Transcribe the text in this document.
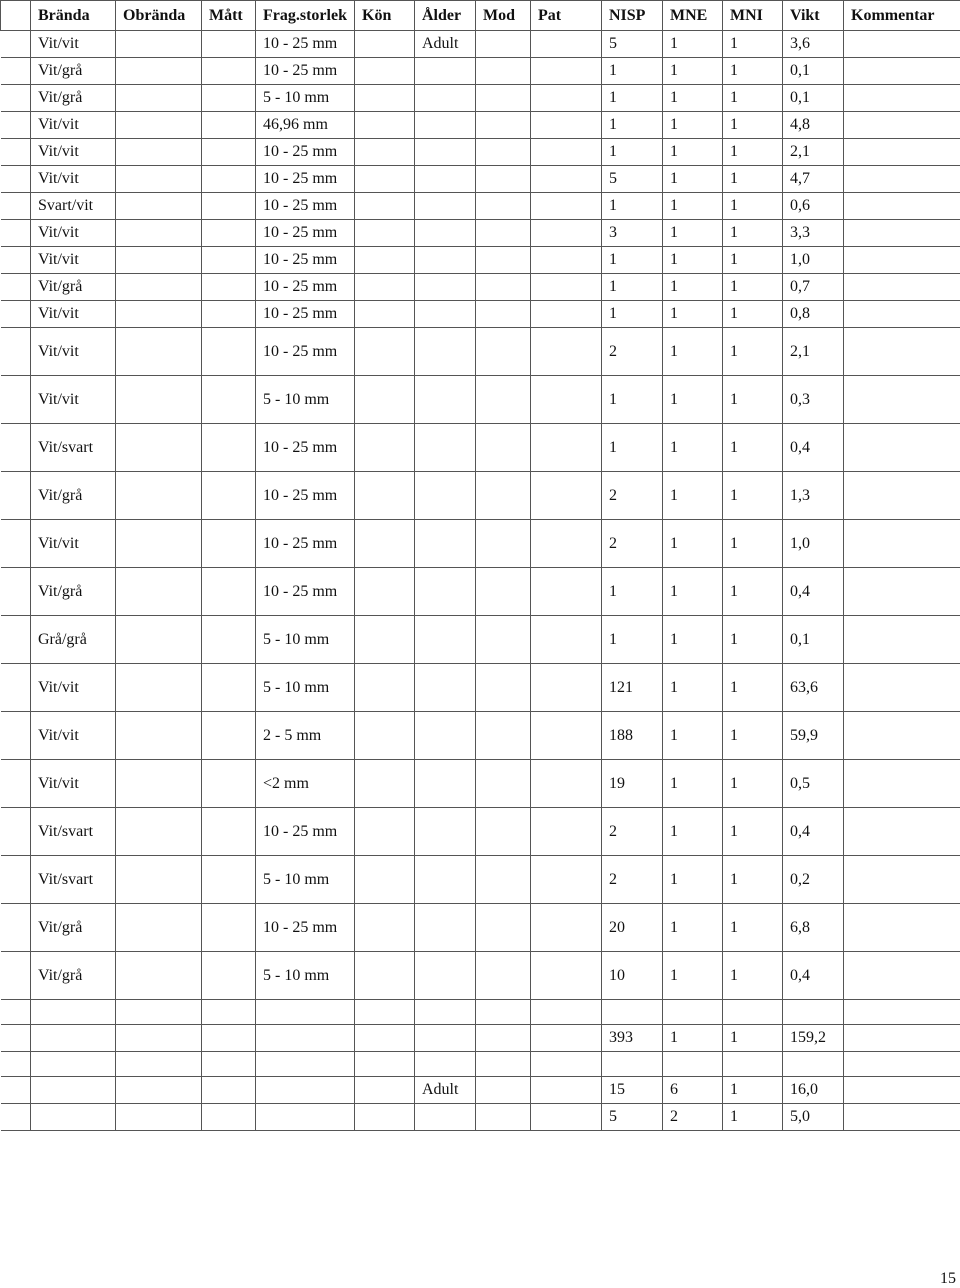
	Brända	Obrända	Mått	Frag.storlek	Kön	Ålder	Mod	Pat	NISP	MNE	MNI	Vikt	Kommentar
	Vit/vit			10 - 25 mm		Adult			5	1	1	3,6	
	Vit/grå			10 - 25 mm					1	1	1	0,1	
	Vit/grå			5 - 10 mm					1	1	1	0,1	
	Vit/vit			46,96 mm					1	1	1	4,8	
	Vit/vit			10 - 25 mm					1	1	1	2,1	
	Vit/vit			10 - 25 mm					5	1	1	4,7	
	Svart/vit			10 - 25 mm					1	1	1	0,6	
	Vit/vit			10 - 25 mm					3	1	1	3,3	
	Vit/vit			10 - 25 mm					1	1	1	1,0	
	Vit/grå			10 - 25 mm					1	1	1	0,7	
	Vit/vit			10 - 25 mm					1	1	1	0,8	
	Vit/vit			10 - 25 mm					2	1	1	2,1	
	Vit/vit			5 - 10 mm					1	1	1	0,3	
	Vit/svart			10 - 25 mm					1	1	1	0,4	
	Vit/grå			10 - 25 mm					2	1	1	1,3	
	Vit/vit			10 - 25 mm					2	1	1	1,0	
	Vit/grå			10 - 25 mm					1	1	1	0,4	
	Grå/grå			5 - 10 mm					1	1	1	0,1	
	Vit/vit			5 - 10 mm					121	1	1	63,6	
	Vit/vit			2 - 5 mm					188	1	1	59,9	
	Vit/vit			<2 mm					19	1	1	0,5	
	Vit/svart			10 - 25 mm					2	1	1	0,4	
	Vit/svart			5 - 10 mm					2	1	1	0,2	
	Vit/grå			10 - 25 mm					20	1	1	6,8	
	Vit/grå			5 - 10 mm					10	1	1	0,4	

									393	1	1	159,2	

						Adult			15	6	1	16,0	
									5	2	1	5,0	
15
